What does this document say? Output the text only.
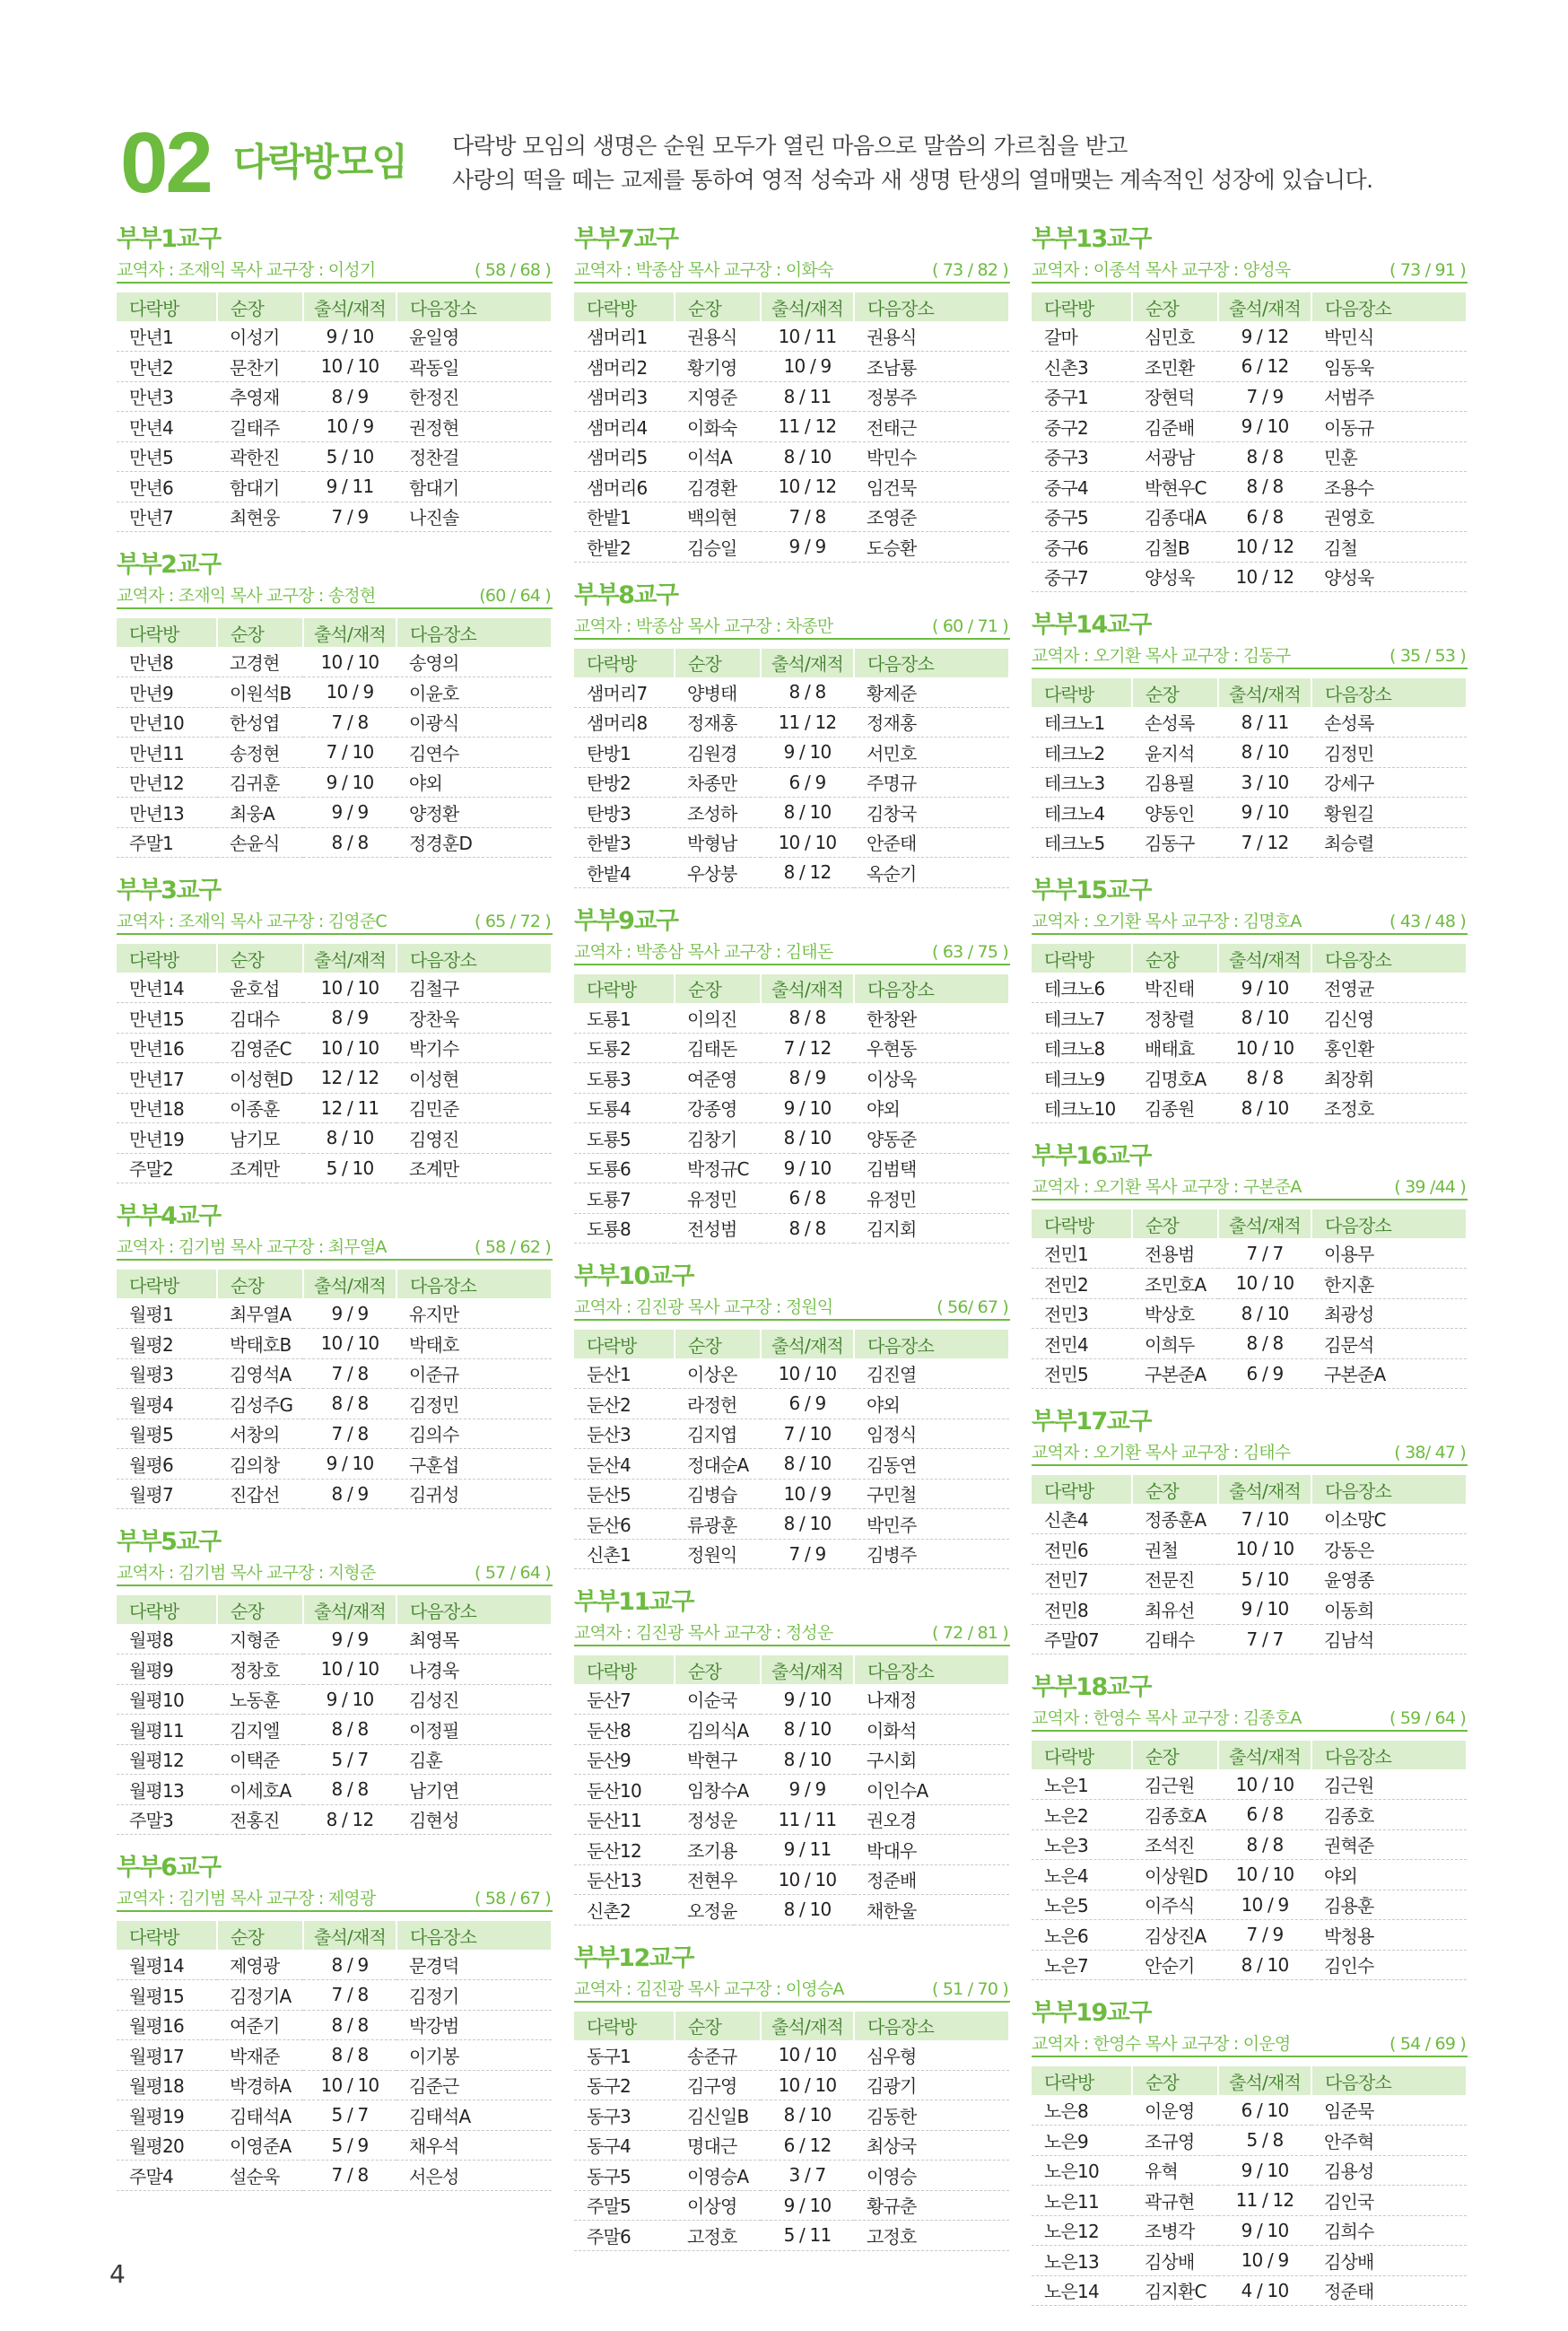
02 다락방모임 다락방 모임의 생명은 순원 모두가 열린 마음으로 말씀의 가르침을 받고
사랑의 떡을 떼는 교제를 통하여 영적 성숙과 새 생명 탄생의 열매맺는 계속적인 성장에 있습니다.
부부1교구
교역자 : 조재익 목사 교구장 : 이성기	( 58 / 68 )
다락방	순장	출석/재적	다음장소
만년1	이성기	9 / 10	윤일영
만년2	문찬기	10 / 10	곽동일
만년3	추영재	8 / 9	한정진
만년4	길태주	10 / 9	권정현
만년5	곽한진	5 / 10	정찬걸
만년6	함대기	9 / 11	함대기
만년7	최현웅	7 / 9	나진솔
부부2교구
교역자 : 조재익 목사 교구장 : 송정현	(60 / 64 )
다락방	순장	출석/재적	다음장소
만년8	고경현	10 / 10	송영의
만년9	이원석B	10 / 9	이윤호
만년10	한성엽	7 / 8	이광식
만년11	송정현	7 / 10	김연수
만년12	김귀훈	9 / 10	야외
만년13	최웅A	9 / 9	양정환
주말1	손윤식	8 / 8	정경훈D
부부3교구
교역자 : 조재익 목사 교구장 : 김영준C	( 65 / 72 )
다락방	순장	출석/재적	다음장소
만년14	윤호섭	10 / 10	김철구
만년15	김대수	8 / 9	장찬욱
만년16	김영준C	10 / 10	박기수
만년17	이성현D	12 / 12	이성현
만년18	이종훈	12 / 11	김민준
만년19	남기모	8 / 10	김영진
주말2	조계만	5 / 10	조계만
부부4교구
교역자 : 김기범 목사 교구장 : 최무열A	( 58 / 62 )
다락방	순장	출석/재적	다음장소
월평1	최무열A	9 / 9	유지만
월평2	박태호B	10 / 10	박태호
월평3	김영석A	7 / 8	이준규
월평4	김성주G	8 / 8	김정민
월평5	서창의	7 / 8	김의수
월평6	김의창	9 / 10	구훈섭
월평7	진갑선	8 / 9	김귀성
부부5교구
교역자 : 김기범 목사 교구장 : 지형준	( 57 / 64 )
다락방	순장	출석/재적	다음장소
월평8	지형준	9 / 9	최영목
월평9	정창호	10 / 10	나경욱
월평10	노동훈	9 / 10	김성진
월평11	김지엘	8 / 8	이정필
월평12	이택준	5 / 7	김훈
월평13	이세호A	8 / 8	남기연
주말3	전홍진	8 / 12	김현성
부부6교구
교역자 : 김기범 목사 교구장 : 제영광	( 58 / 67 )
다락방	순장	출석/재적	다음장소
월평14	제영광	8 / 9	문경덕
월평15	김정기A	7 / 8	김정기
월평16	여준기	8 / 8	박강범
월평17	박재준	8 / 8	이기봉
월평18	박경하A	10 / 10	김준근
월평19	김태석A	5 / 7	김태석A
월평20	이영준A	5 / 9	채우석
주말4	설순욱	7 / 8	서은성
부부7교구
교역자 : 박종삼 목사 교구장 : 이화숙	( 73 / 82 )
다락방	순장	출석/재적	다음장소
샘머리1	권용식	10 / 11	권용식
샘머리2	황기영	10 / 9	조남룡
샘머리3	지영준	8 / 11	정봉주
샘머리4	이화숙	11 / 12	전태근
샘머리5	이석A	8 / 10	박민수
샘머리6	김경환	10 / 12	임건묵
한밭1	백의현	7 / 8	조영준
한밭2	김승일	9 / 9	도승환
부부8교구
교역자 : 박종삼 목사 교구장 : 차종만	( 60 / 71 )
다락방	순장	출석/재적	다음장소
샘머리7	양병태	8 / 8	황제준
샘머리8	정재홍	11 / 12	정재홍
탄방1	김원경	9 / 10	서민호
탄방2	차종만	6 / 9	주명규
탄방3	조성하	8 / 10	김창국
한밭3	박형남	10 / 10	안준태
한밭4	우상붕	8 / 12	옥순기
부부9교구
교역자 : 박종삼 목사 교구장 : 김태돈	( 63 / 75 )
다락방	순장	출석/재적	다음장소
도룡1	이의진	8 / 8	한창완
도룡2	김태돈	7 / 12	우현동
도룡3	여준영	8 / 9	이상욱
도룡4	강종영	9 / 10	야외
도룡5	김창기	8 / 10	양동준
도룡6	박정규C	9 / 10	김범택
도룡7	유정민	6 / 8	유정민
도룡8	전성범	8 / 8	김지회
부부10교구
교역자 : 김진광 목사 교구장 : 정원익	( 56/ 67 )
다락방	순장	출석/재적	다음장소
둔산1	이상온	10 / 10	김진열
둔산2	라정헌	6 / 9	야외
둔산3	김지엽	7 / 10	임정식
둔산4	정대순A	8 / 10	김동연
둔산5	김병습	10 / 9	구민철
둔산6	류광훈	8 / 10	박민주
신촌1	정원익	7 / 9	김병주
부부11교구
교역자 : 김진광 목사 교구장 : 정성운	( 72 / 81 )
다락방	순장	출석/재적	다음장소
둔산7	이순국	9 / 10	나재정
둔산8	김의식A	8 / 10	이화석
둔산9	박현구	8 / 10	구시회
둔산10	임창수A	9 / 9	이인수A
둔산11	정성운	11 / 11	권오경
둔산12	조기용	9 / 11	박대우
둔산13	전현우	10 / 10	정준배
신촌2	오정윤	8 / 10	채한울
부부12교구
교역자 : 김진광 목사 교구장 : 이영승A	( 51 / 70 )
다락방	순장	출석/재적	다음장소
동구1	송준규	10 / 10	심우형
동구2	김구영	10 / 10	김광기
동구3	김신일B	8 / 10	김동한
동구4	명대근	6 / 12	최상국
동구5	이영승A	3 / 7	이영승
주말5	이상영	9 / 10	황규춘
주말6	고정호	5 / 11	고정호
부부13교구
교역자 : 이종석 목사 교구장 : 양성욱	( 73 / 91 )
다락방	순장	출석/재적	다음장소
갈마	심민호	9 / 12	박민식
신촌3	조민환	6 / 12	임동욱
중구1	장현덕	7 / 9	서범주
중구2	김준배	9 / 10	이동규
중구3	서광남	8 / 8	민훈
중구4	박현우C	8 / 8	조용수
중구5	김종대A	6 / 8	권영호
중구6	김철B	10 / 12	김철
중구7	양성욱	10 / 12	양성욱
부부14교구
교역자 : 오기환 목사 교구장 : 김동구	( 35 / 53 )
다락방	순장	출석/재적	다음장소
테크노1	손성록	8 / 11	손성록
테크노2	윤지석	8 / 10	김정민
테크노3	김용필	3 / 10	강세구
테크노4	양동인	9 / 10	황원길
테크노5	김동구	7 / 12	최승렬
부부15교구
교역자 : 오기환 목사 교구장 : 김명호A	( 43 / 48 )
다락방	순장	출석/재적	다음장소
테크노6	박진태	9 / 10	전영균
테크노7	정창렬	8 / 10	김신영
테크노8	배태효	10 / 10	홍인환
테크노9	김명호A	8 / 8	최장휘
테크노10	김종원	8 / 10	조정호
부부16교구
교역자 : 오기환 목사 교구장 : 구본준A	( 39 /44 )
다락방	순장	출석/재적	다음장소
전민1	전용범	7 / 7	이용무
전민2	조민호A	10 / 10	한지훈
전민3	박상호	8 / 10	최광성
전민4	이희두	8 / 8	김문석
전민5	구본준A	6 / 9	구본준A
부부17교구
교역자 : 오기환 목사 교구장 : 김태수	( 38/ 47 )
다락방	순장	출석/재적	다음장소
신촌4	정종훈A	7 / 10	이소망C
전민6	권철	10 / 10	강동은
전민7	전문진	5 / 10	윤영종
전민8	최유선	9 / 10	이동희
주말07	김태수	7 / 7	김남석
부부18교구
교역자 : 한영수 목사 교구장 : 김종호A	( 59 / 64 )
다락방	순장	출석/재적	다음장소
노은1	김근원	10 / 10	김근원
노은2	김종호A	6 / 8	김종호
노은3	조석진	8 / 8	권혁준
노은4	이상원D	10 / 10	야외
노은5	이주식	10 / 9	김용훈
노은6	김상진A	7 / 9	박청용
노은7	안순기	8 / 10	김인수
부부19교구
교역자 : 한영수 목사 교구장 : 이운영	( 54 / 69 )
다락방	순장	출석/재적	다음장소
노은8	이운영	6 / 10	임준묵
노은9	조규영	5 / 8	안주혁
노은10	유혁	9 / 10	김용성
노은11	곽규현	11 / 12	김인국
노은12	조병각	9 / 10	김희수
노은13	김상배	10 / 9	김상배
노은14	김지환C	4 / 10	정준태
4
